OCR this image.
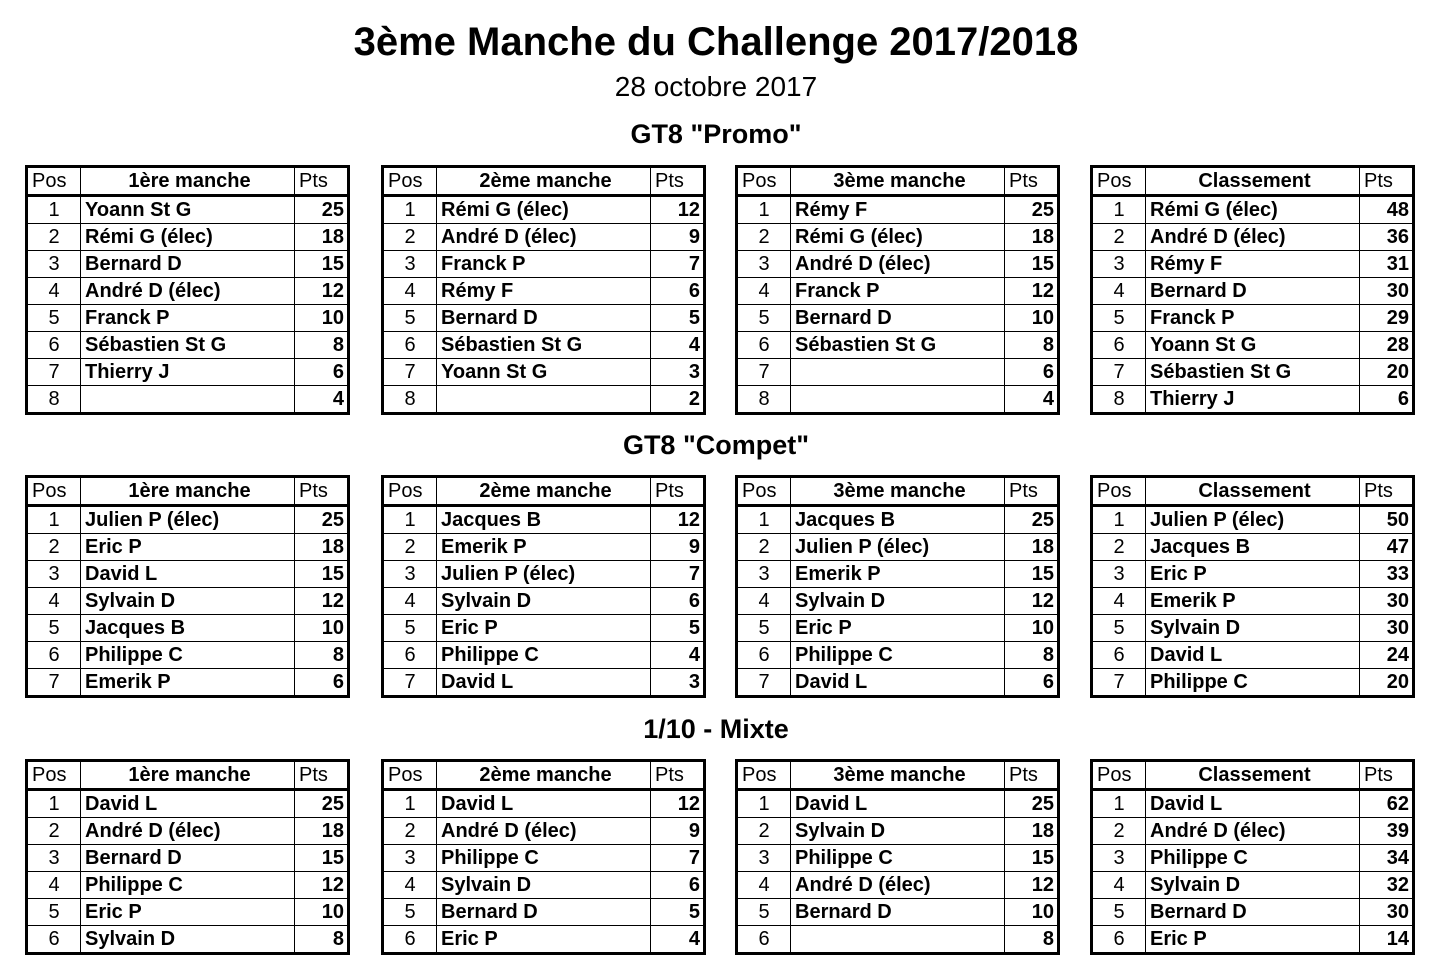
3ème Manche du Challenge 2017/2018
28 octobre 2017
GT8 "Promo"
Pos	1ère manche	Pts
1	Yoann St G	25
2	Rémi G (élec)	18
3	Bernard D	15
4	André D (élec)	12
5	Franck P	10
6	Sébastien St G	8
7	Thierry J	6
8		4
Pos	2ème manche	Pts
1	Rémi G (élec)	12
2	André D (élec)	9
3	Franck P	7
4	Rémy F	6
5	Bernard D	5
6	Sébastien St G	4
7	Yoann St G	3
8		2
Pos	3ème manche	Pts
1	Rémy F	25
2	Rémi G (élec)	18
3	André D (élec)	15
4	Franck P	12
5	Bernard D	10
6	Sébastien St G	8
7		6
8		4
Pos	Classement	Pts
1	Rémi G (élec)	48
2	André D (élec)	36
3	Rémy F	31
4	Bernard D	30
5	Franck P	29
6	Yoann St G	28
7	Sébastien St G	20
8	Thierry J	6
GT8 "Compet"
Pos	1ère manche	Pts
1	Julien P (élec)	25
2	Eric P	18
3	David L	15
4	Sylvain D	12
5	Jacques B	10
6	Philippe C	8
7	Emerik P	6
Pos	2ème manche	Pts
1	Jacques B	12
2	Emerik P	9
3	Julien P (élec)	7
4	Sylvain D	6
5	Eric P	5
6	Philippe C	4
7	David L	3
Pos	3ème manche	Pts
1	Jacques B	25
2	Julien P (élec)	18
3	Emerik P	15
4	Sylvain D	12
5	Eric P	10
6	Philippe C	8
7	David L	6
Pos	Classement	Pts
1	Julien P (élec)	50
2	Jacques B	47
3	Eric P	33
4	Emerik P	30
5	Sylvain D	30
6	David L	24
7	Philippe C	20
1/10 - Mixte
Pos	1ère manche	Pts
1	David L	25
2	André D (élec)	18
3	Bernard D	15
4	Philippe C	12
5	Eric P	10
6	Sylvain D	8
Pos	2ème manche	Pts
1	David L	12
2	André D (élec)	9
3	Philippe C	7
4	Sylvain D	6
5	Bernard D	5
6	Eric P	4
Pos	3ème manche	Pts
1	David L	25
2	Sylvain D	18
3	Philippe C	15
4	André D (élec)	12
5	Bernard D	10
6		8
Pos	Classement	Pts
1	David L	62
2	André D (élec)	39
3	Philippe C	34
4	Sylvain D	32
5	Bernard D	30
6	Eric P	14
